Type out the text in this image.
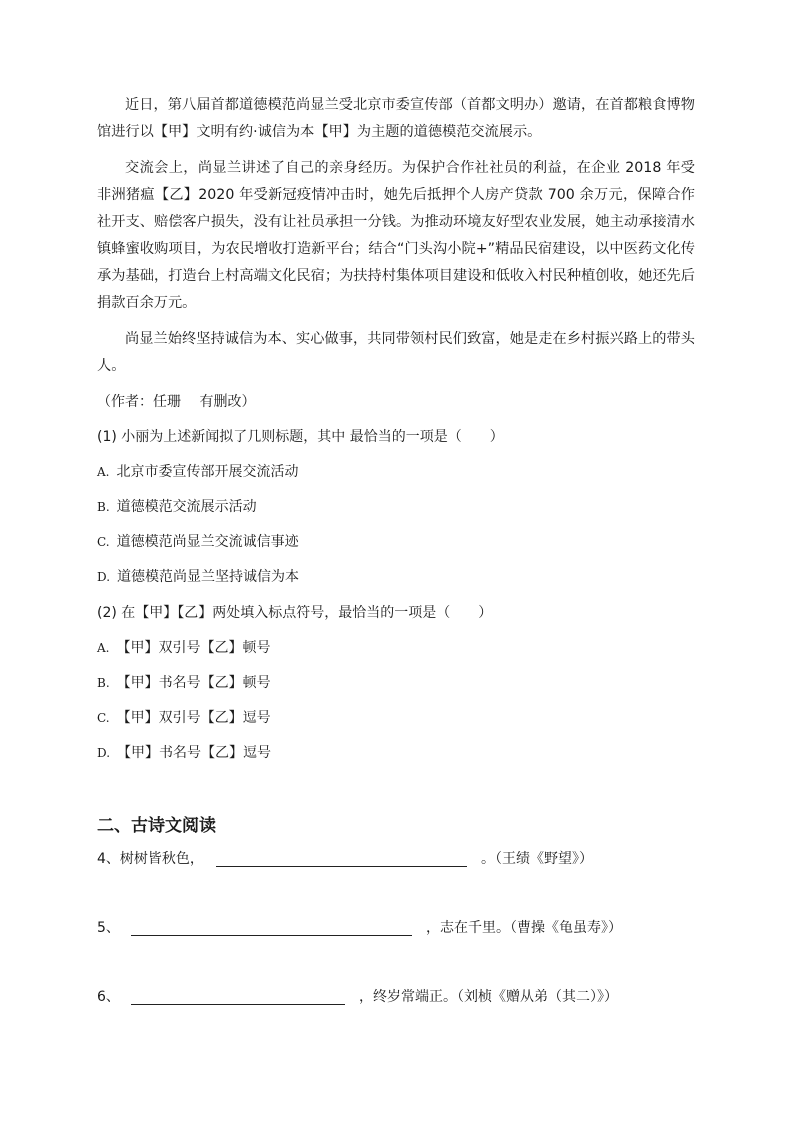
近日，第八届首都道德模范尚显兰受北京市委宣传部（首都文明办）邀请，在首都粮食博物馆进行以【甲】文明有约·诚信为本【甲】为主题的道德模范交流展示。

交流会上，尚显兰讲述了自己的亲身经历。为保护合作社社员的利益，在企业 2018 年受非洲猪瘟【乙】2020 年受新冠疫情冲击时，她先后抵押个人房产贷款 700 余万元，保障合作社开支、赔偿客户损失，没有让社员承担一分钱。为推动环境友好型农业发展，她主动承接清水镇蜂蜜收购项目，为农民增收打造新平台；结合“门头沟小院+”精品民宿建设，以中医药文化传承为基础，打造台上村高端文化民宿；为扶持村集体项目建设和低收入村民种植创收，她还先后捐款百余万元。

尚显兰始终坚持诚信为本、实心做事，共同带领村民们致富，她是走在乡村振兴路上的带头人。

（作者：任珊　 有删改）
(1) 小丽为上述新闻拟了几则标题，其中 最恰当的一项是（　　）
A. 北京市委宣传部开展交流活动
B. 道德模范交流展示活动
C. 道德模范尚显兰交流诚信事迹
D. 道德模范尚显兰坚持诚信为本
(2) 在【甲】【乙】两处填入标点符号，最恰当的一项是（　　）
A. 【甲】双引号【乙】顿号
B. 【甲】书名号【乙】顿号
C. 【甲】双引号【乙】逗号
D. 【甲】书名号【乙】逗号
二、古诗文阅读
4、树树皆秋色，	。（王绩《野望》）
5、	，志在千里。（曹操《龟虽寿》）
6、	，终岁常端正。（刘桢《赠从弟（其二）》）
